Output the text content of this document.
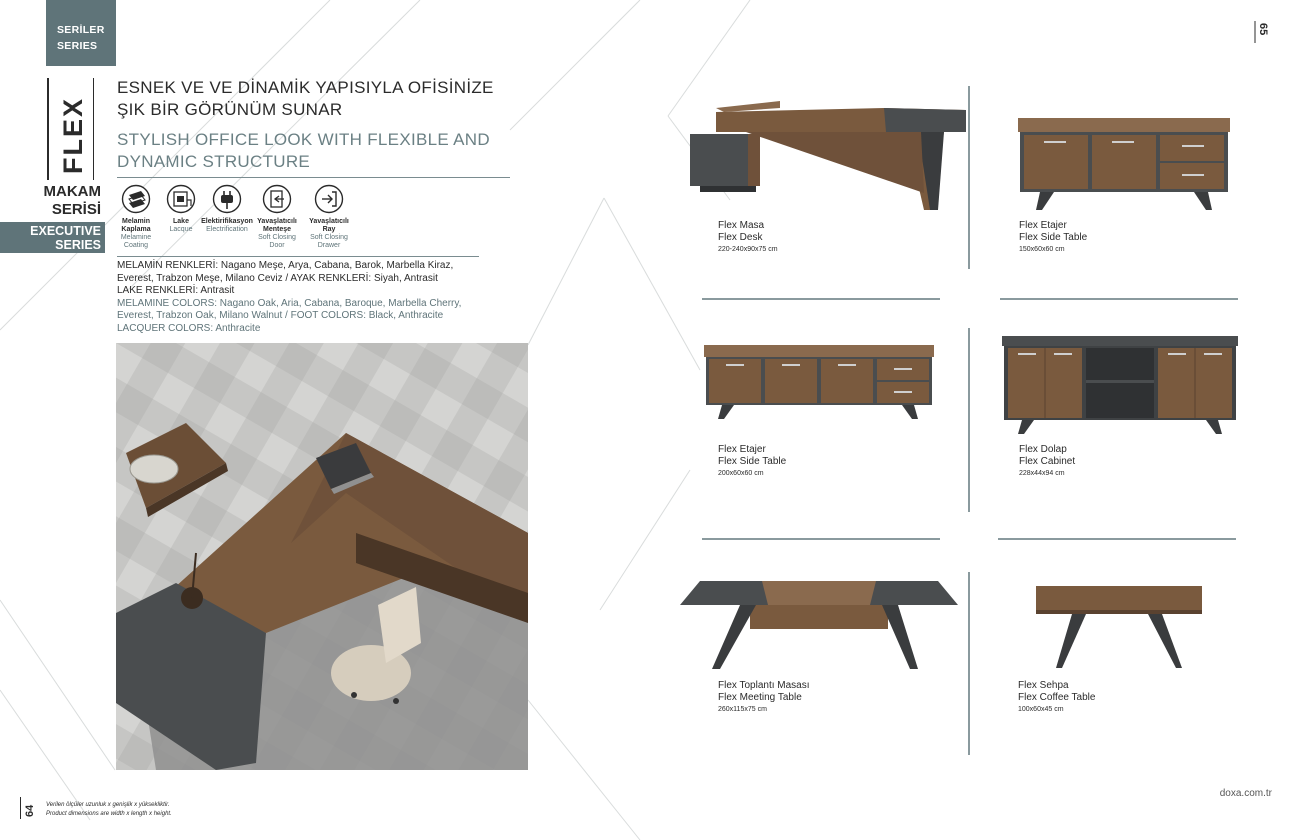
SERİLER
SERIES
FLEX
MAKAM
SERİSİ
EXECUTIVE
SERIES
ESNEK VE VE DİNAMİK YAPISIYLA OFİSİNİZE
ŞIK BİR GÖRÜNÜM SUNAR
STYLISH OFFICE LOOK WITH FLEXIBLE AND
DYNAMIC STRUCTURE
Melamin Kaplama
Melamine Coating
Lake
Lacque
Elektirifikasyon
Electrification
Yavaşlatıcılı Menteşe
Soft Closing Door
Yavaşlatıcılı Ray
Soft Closing Drawer
MELAMİN RENKLERİ: Nagano Meşe, Arya, Cabana, Barok, Marbella Kiraz,
Everest, Trabzon Meşe, Milano Ceviz / AYAK RENKLERİ: Siyah, Antrasit
LAKE RENKLERİ: Antrasit
MELAMINE COLORS: Nagano Oak, Aria, Cabana, Baroque, Marbella Cherry,
Everest, Trabzon Oak, Milano Walnut / FOOT COLORS: Black, Anthracite
LACQUER COLORS: Anthracite
64 Verilen ölçüler uzunluk x genişlik x yüksekliktir.
Product dimensions are width x length x height.
65
doxa.com.tr
Flex Masa
Flex Desk
220-240x90x75 cm
Flex Etajer
Flex Side Table
150x60x60 cm
Flex Etajer
Flex Side Table
200x60x60 cm
Flex Dolap
Flex Cabinet
228x44x94 cm
Flex Toplantı Masası
Flex Meeting Table
260x115x75 cm
Flex Sehpa
Flex Coffee Table
100x60x45 cm
